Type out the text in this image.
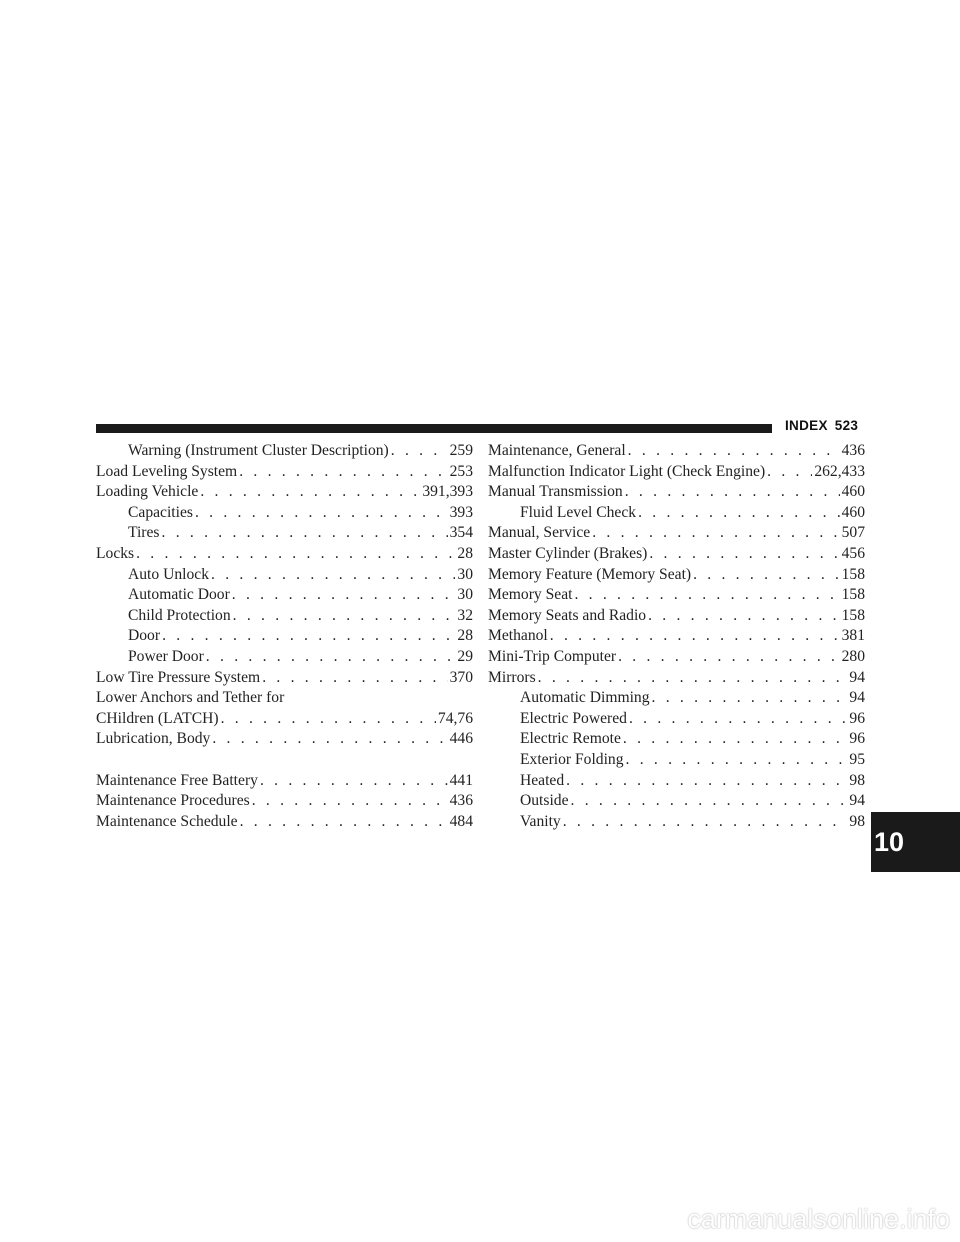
INDEX 523
Warning (Instrument Cluster Description) . . .	259
Load Leveling System . . .	253
Loading Vehicle . . .	391,393
Capacities . . .	393
Tires . . .	354
Locks . . .	28
Auto Unlock . . .	30
Automatic Door . . .	30
Child Protection . . .	32
Door . . .	28
Power Door . . .	29
Low Tire Pressure System . . .	370
Lower Anchors and Tether for
CHildren (LATCH) . . .	74,76
Lubrication, Body . . .	446
Maintenance Free Battery . . .	441
Maintenance Procedures . . .	436
Maintenance Schedule . . .	484
Maintenance, General . . .	436
Malfunction Indicator Light (Check Engine) . . .	262,433
Manual Transmission . . .	460
Fluid Level Check . . .	460
Manual, Service . . .	507
Master Cylinder (Brakes) . . .	456
Memory Feature (Memory Seat) . . .	158
Memory Seat . . .	158
Memory Seats and Radio . . .	158
Methanol . . .	381
Mini-Trip Computer . . .	280
Mirrors . . .	94
Automatic Dimming . . .	94
Electric Powered . . .	96
Electric Remote . . .	96
Exterior Folding . . .	95
Heated . . .	98
Outside . . .	94
Vanity . . .	98
10
carmanualsonline.info
